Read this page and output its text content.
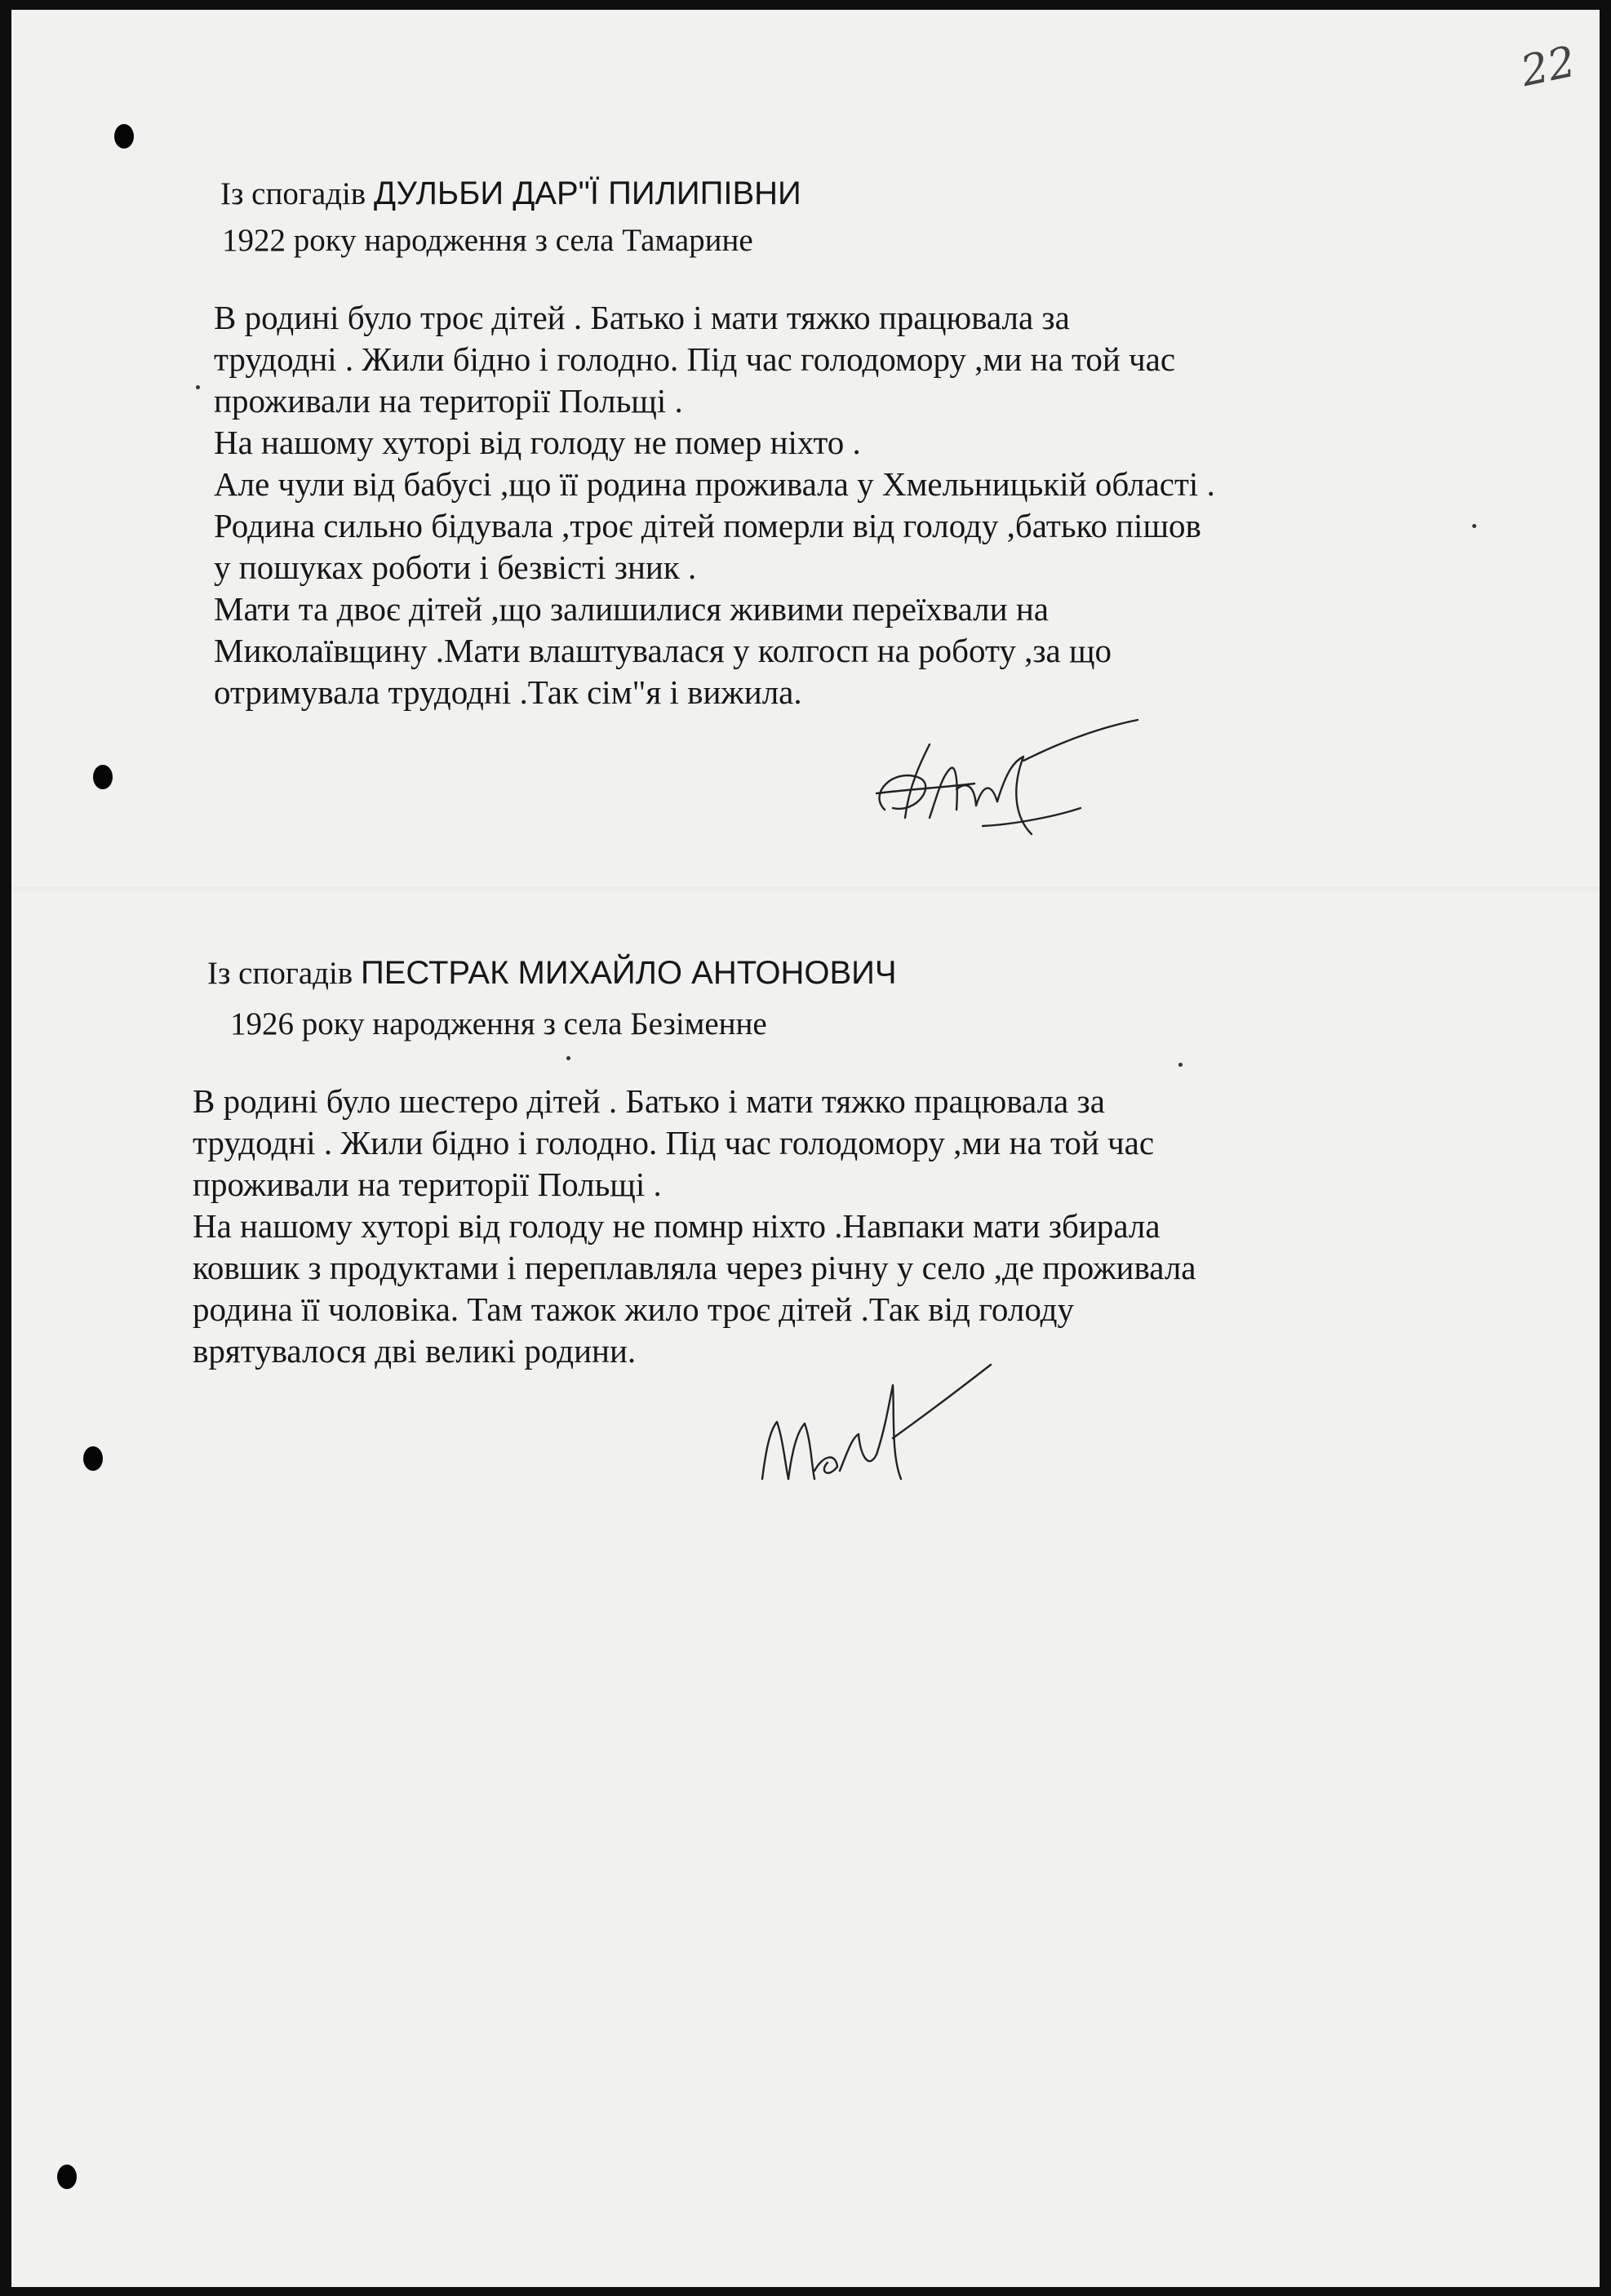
22
Із спогадів ДУЛЬБИ ДАР"Ї ПИЛИПІВНИ
1922 року народження з села Тамарине

В родині було троє дітей . Батько і мати тяжко працювала за

трудодні . Жили бідно і голодно. Під час голодомору ,ми на той час

проживали на території Польщі .

На нашому хуторі від голоду не помер ніхто .

Але чули від бабусі ,що її родина проживала у Хмельницькій області .

Родина сильно бідувала ,троє дітей померли від голоду ,батько пішов

у пошуках роботи і безвісті зник .

Мати та двоє дітей ,що залишилися живими переїхвали на

Миколаївщину .Мати влаштувалася у колгосп на роботу ,за що

отримувала трудодні .Так сім"я і вижила.

Із спогадів ПЕСТРАК МИХАЙЛО АНТОНОВИЧ
1926 року народження з села Безіменне

В родині було шестеро дітей . Батько і мати тяжко працювала за

трудодні . Жили бідно і голодно. Під час голодомору ,ми на той час

проживали на території Польщі .

На нашому хуторі від голоду не помнр ніхто .Навпаки мати збирала

ковшик з продуктами і переплавляла через річну у село ,де проживала

родина її чоловіка. Там тажок жило троє дітей .Так від голоду

врятувалося дві великі родини.
